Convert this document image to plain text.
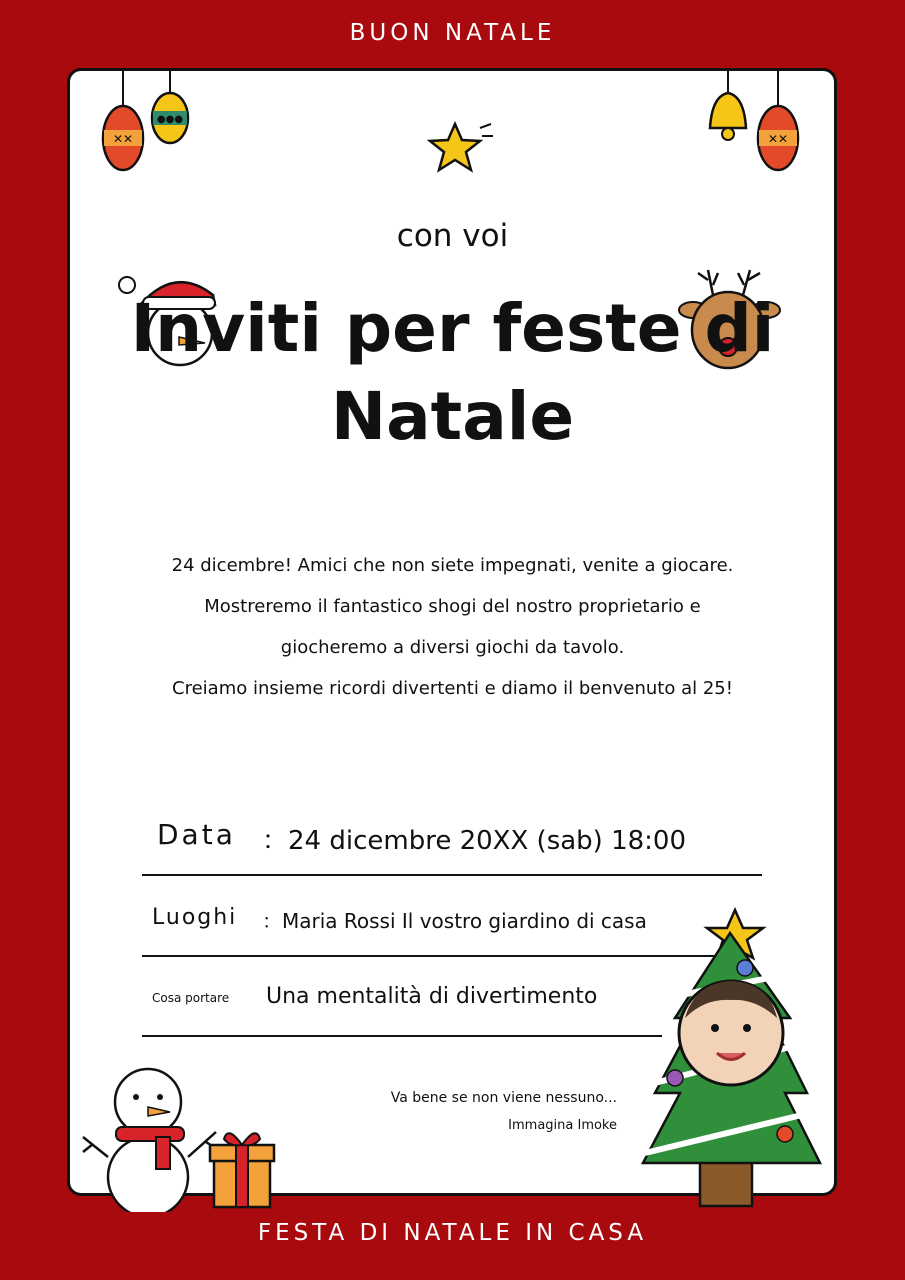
BUON NATALE
✕✕
●●●
✕✕
con voi
Inviti per feste di
Natale
24 dicembre! Amici che non siete impegnati, venite a giocare.
Mostreremo il fantastico shogi del nostro proprietario e
giocheremo a diversi giochi da tavolo.
Creiamo insieme ricordi divertenti e diamo il benvenuto al 25!
Data ：24 dicembre 20XX (sab) 18:00
Luoghi ：Maria Rossi Il vostro giardino di casa
Cosa portare Una mentalità di divertimento
Va bene se non viene nessuno...
Immagina Imoke
FESTA DI NATALE IN CASA
